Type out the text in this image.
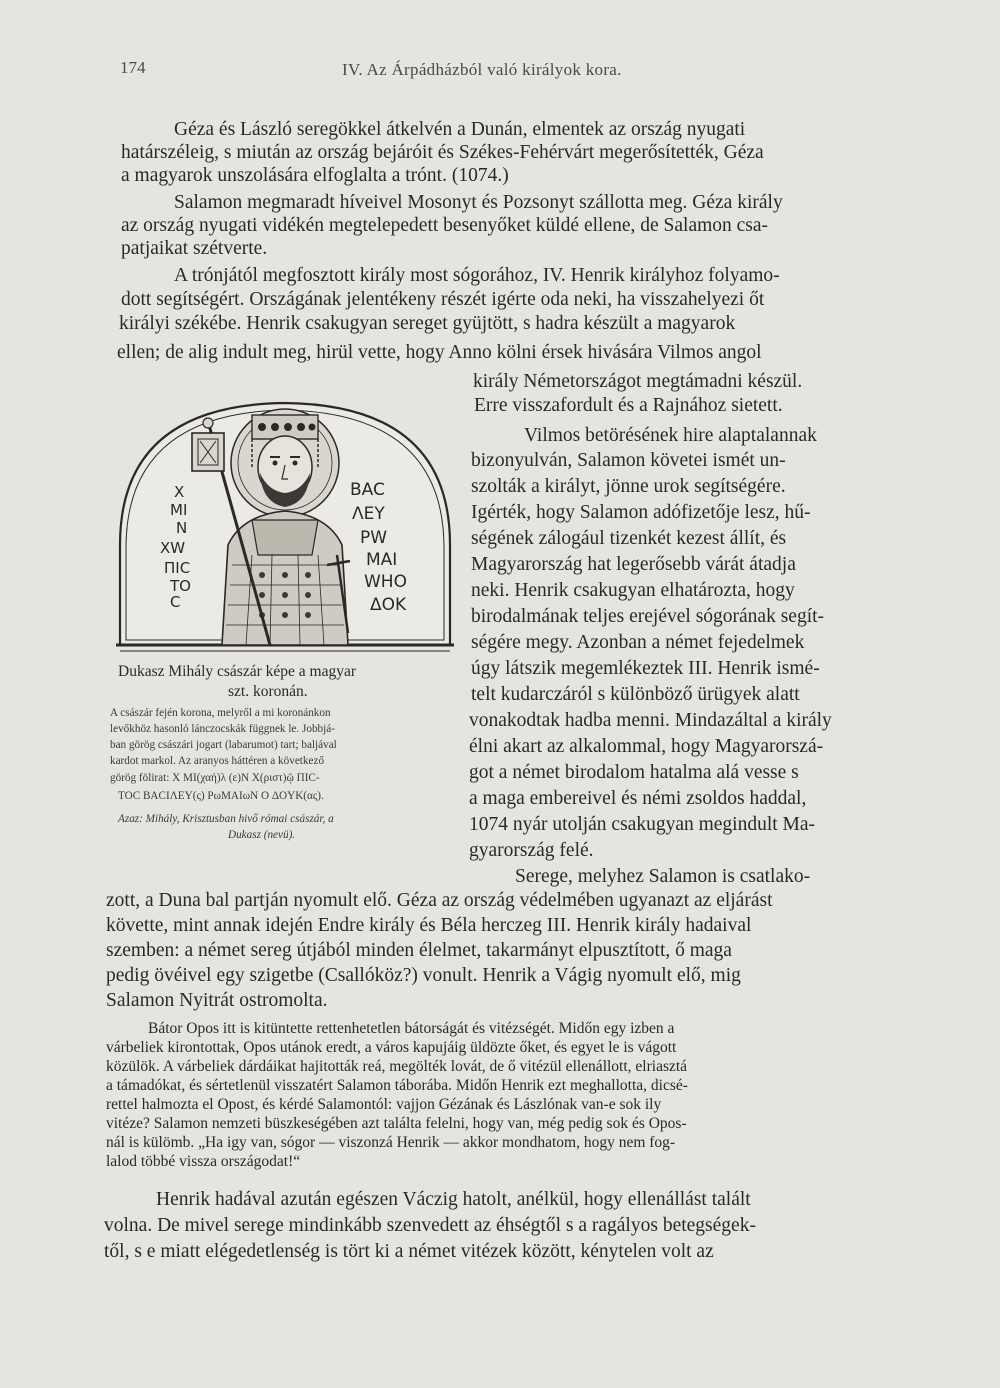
174	IV. Az Árpádházból való királyok kora.
Géza és László seregökkel átkelvén a Dunán, elmentek az ország nyugati
határszéleig, s miután az ország bejáróit és Székes-Fehérvárt megerősítették, Géza
a magyarok unszolására elfoglalta a trónt. (1074.)
Salamon megmaradt híveivel Mosonyt és Pozsonyt szállotta meg. Géza király
az ország nyugati vidékén megtelepedett besenyőket küldé ellene, de Salamon csa-
patjaikat szétverte.
A trónjától megfosztott király most sógorához, IV. Henrik királyhoz folyamo-
dott segítségért. Országának jelentékeny részét igérte oda neki, ha visszahelyezi őt
királyi székébe. Henrik csakugyan sereget gyüjtött, s hadra készült a magyarok
ellen; de alig indult meg, hirül vette, hogy Anno kölni érsek hivására Vilmos angol
X
MI
N
XW
ΠΙC
TO
C
BAC
ΛEY
PW
MAI
WHO
ΔOK
Dukasz Mihály császár képe a magyar
szt. koronán.
A császár fején korona, melyről a mi koronánkon
levőkhöz hasonló lánczocskák függnek le. Jobbjá-
ban görög császári jogart (labarumot) tart; baljával
kardot markol. Az aranyos háttéren a következő
görög fölirat: X MI(χαή)λ (ε)N X(ριστ)ῷ ΠΙC-
TOC BACIΛΕΥ(ς) PωMAIωN O ΔOYK(ας).
Azaz: Mihály, Krisztusban hivő római császár, a
Dukasz (nevü).
király Németországot megtámadni készül.
Erre visszafordult és a Rajnához sietett.
Vilmos betörésének hire alaptalannak
bizonyulván, Salamon követei ismét un-
szolták a királyt, jönne urok segítségére.
Igérték, hogy Salamon adófizetője lesz, hű-
ségének zálogául tizenkét kezest állít, és
Magyarország hat legerősebb várát átadja
neki. Henrik csakugyan elhatározta, hogy
birodalmának teljes erejével sógorának segít-
ségére megy. Azonban a német fejedelmek
úgy látszik megemlékeztek III. Henrik ismé-
telt kudarczáról s különböző ürügyek alatt
vonakodtak hadba menni. Mindazáltal a király
élni akart az alkalommal, hogy Magyarorszá-
got a német birodalom hatalma alá vesse s
a maga embereivel és némi zsoldos haddal,
1074 nyár utolján csakugyan megindult Ma-
gyarország felé.
Serege, melyhez Salamon is csatlako-
zott, a Duna bal partján nyomult elő. Géza az ország védelmében ugyanazt az eljárást
követte, mint annak idején Endre király és Béla herczeg III. Henrik király hadaival
szemben: a német sereg útjából minden élelmet, takarmányt elpusztított, ő maga
pedig övéivel egy szigetbe (Csallóköz?) vonult. Henrik a Vágig nyomult elő, mig
Salamon Nyitrát ostromolta.
Bátor Opos itt is kitüntette rettenhetetlen bátorságát és vitézségét. Midőn egy izben a
várbeliek kirontottak, Opos utánok eredt, a város kapujáig üldözte őket, és egyet le is vágott
közülök. A várbeliek dárdáikat hajitották reá, megölték lovát, de ő vitézül ellenállott, elriasztá
a támadókat, és sértetlenül visszatért Salamon táborába. Midőn Henrik ezt meghallotta, dicsé-
rettel halmozta el Opost, és kérdé Salamontól: vajjon Gézának és Lászlónak van-e sok ily
vitéze? Salamon nemzeti büszkeségében azt találta felelni, hogy van, még pedig sok és Opos-
nál is külömb. „Ha igy van, sógor — viszonzá Henrik — akkor mondhatom, hogy nem fog-
lalod többé vissza országodat!“
Henrik hadával azután egészen Váczig hatolt, anélkül, hogy ellenállást talált
volna. De mivel serege mindinkább szenvedett az éhségtől s a ragályos betegségek-
től, s e miatt elégedetlenség is tört ki a német vitézek között, kénytelen volt az
